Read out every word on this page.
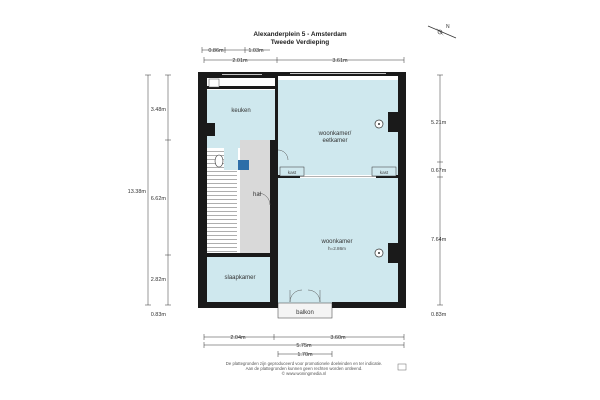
Alexanderplein 5 - Amsterdam
Tweede Verdieping
N
keuken
woonkamer/
eetkamer
kast	kast
hal
woonkamer
h=2.86m
slaapkamer
balkon
0.86m	1.03m
2.01m	3.61m
13.38m
3.48m
6.62m
2.82m
0.83m
5.21m
0.67m
7.64m
0.83m
2.04m	3.60m
5.75m
1.70m
De plattegronden zijn geproduceerd voor promotionele doeleinden en ter indicatie.
Aan de plattegronden kunnen geen rechten worden ontleend.
© www.woningmedia.nl
